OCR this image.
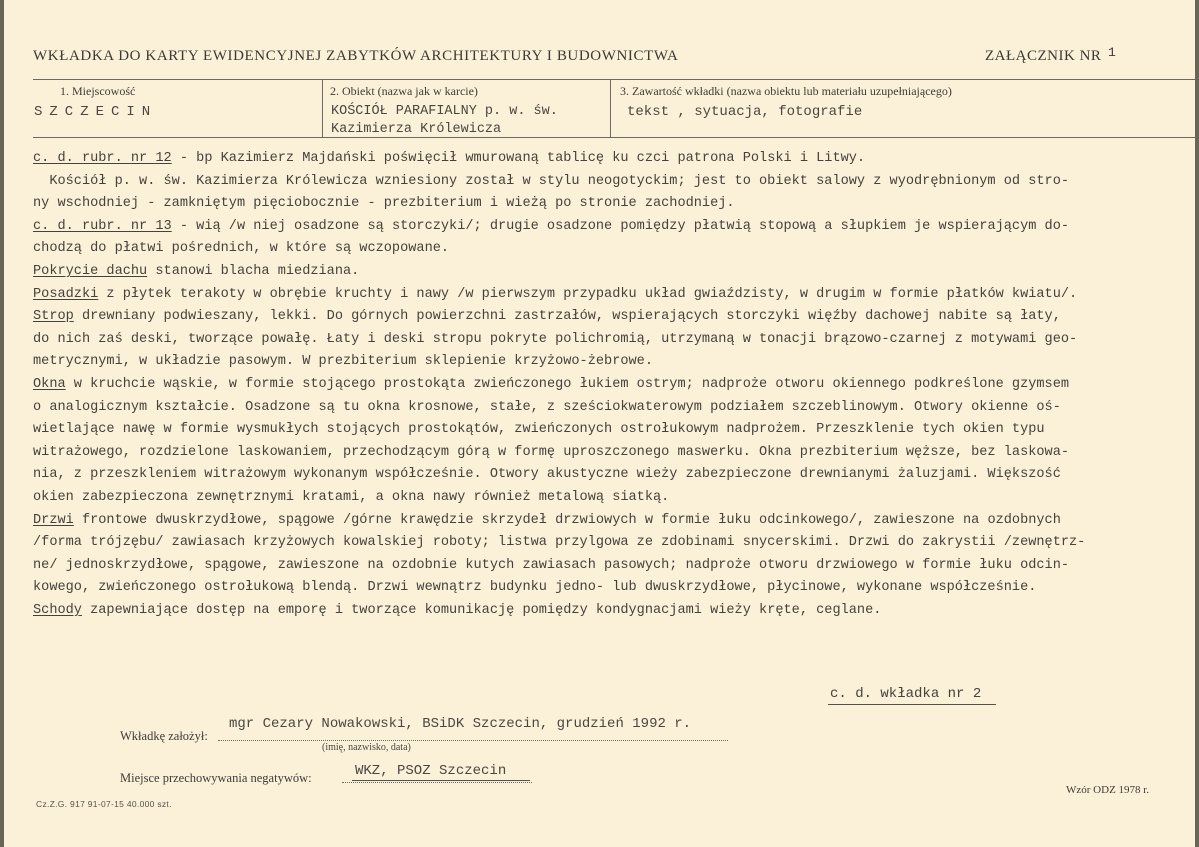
WKŁADKA DO KARTY EWIDENCYJNEJ ZABYTKÓW ARCHITEKTURY I BUDOWNICTWA	ZAŁĄCZNIK NR 1
1. Miejscowość
SZCZECIN
2. Obiekt (nazwa jak w karcie)
KOŚCIÓŁ PARAFIALNY p. w. św.
Kazimierza Królewicza
3. Zawartość wkładki (nazwa obiektu lub materiału uzupełniającego)
tekst , sytuacja, fotografie
c. d. rubr. nr 12 - bp Kazimierz Majdański poświęcił wmurowaną tablicę ku czci patrona Polski i Litwy.
Kościół p. w. św. Kazimierza Królewicza wzniesiony został w stylu neogotyckim; jest to obiekt salowy z wyodrębnionym od stro-
ny wschodniej - zamkniętym pięciobocznie - prezbiterium i wieżą po stronie zachodniej.
c. d. rubr. nr 13 - wią /w niej osadzone są storczyki/; drugie osadzone pomiędzy płatwią stopową a słupkiem je wspierającym do-
chodzą do płatwi pośrednich, w które są wczopowane.
Pokrycie dachu stanowi blacha miedziana.
Posadzki z płytek terakoty w obrębie kruchty i nawy /w pierwszym przypadku układ gwiaździsty, w drugim w formie płatków kwiatu/.
Strop drewniany podwieszany, lekki. Do górnych powierzchni zastrzałów, wspierających storczyki więźby dachowej nabite są łaty,
do nich zaś deski, tworzące powałę. Łaty i deski stropu pokryte polichromią, utrzymaną w tonacji brązowo-czarnej z motywami geo-
metrycznymi, w układzie pasowym. W prezbiterium sklepienie krzyżowo-żebrowe.
Okna w kruchcie wąskie, w formie stojącego prostokąta zwieńczonego łukiem ostrym; nadproże otworu okiennego podkreślone gzymsem
o analogicznym kształcie. Osadzone są tu okna krosnowe, stałe, z sześciokwaterowym podziałem szczeblinowym. Otwory okienne oś-
wietlające nawę w formie wysmukłych stojących prostokątów, zwieńczonych ostrołukowym nadprożem. Przeszklenie tych okien typu
witrażowego, rozdzielone laskowaniem, przechodzącym górą w formę uproszczonego maswerku. Okna prezbiterium węższe, bez laskowa-
nia, z przeszkleniem witrażowym wykonanym współcześnie. Otwory akustyczne wieży zabezpieczone drewnianymi żaluzjami. Większość
okien zabezpieczona zewnętrznymi kratami, a okna nawy również metalową siatką.
Drzwi frontowe dwuskrzydłowe, spągowe /górne krawędzie skrzydeł drzwiowych w formie łuku odcinkowego/, zawieszone na ozdobnych
/forma trójzębu/ zawiasach krzyżowych kowalskiej roboty; listwa przylgowa ze zdobinami snycerskimi. Drzwi do zakrystii /zewnętrz-
ne/ jednoskrzydłowe, spągowe, zawieszone na ozdobnie kutych zawiasach pasowych; nadproże otworu drzwiowego w formie łuku odcin-
kowego, zwieńczonego ostrołukową blendą. Drzwi wewnątrz budynku jedno- lub dwuskrzydłowe, płycinowe, wykonane współcześnie.
Schody zapewniające dostęp na emporę i tworzące komunikację pomiędzy kondygnacjami wieży kręte, ceglane.
c. d. wkładka nr 2
Wkładkę założył:
mgr Cezary Nowakowski, BSiDK Szczecin, grudzień 1992 r.
(imię, nazwisko, data)
Miejsce przechowywania negatywów:	WKZ, PSOZ Szczecin
Cz.Z.G. 917 91-07-15 40.000 szt.
Wzór ODZ 1978 r.
